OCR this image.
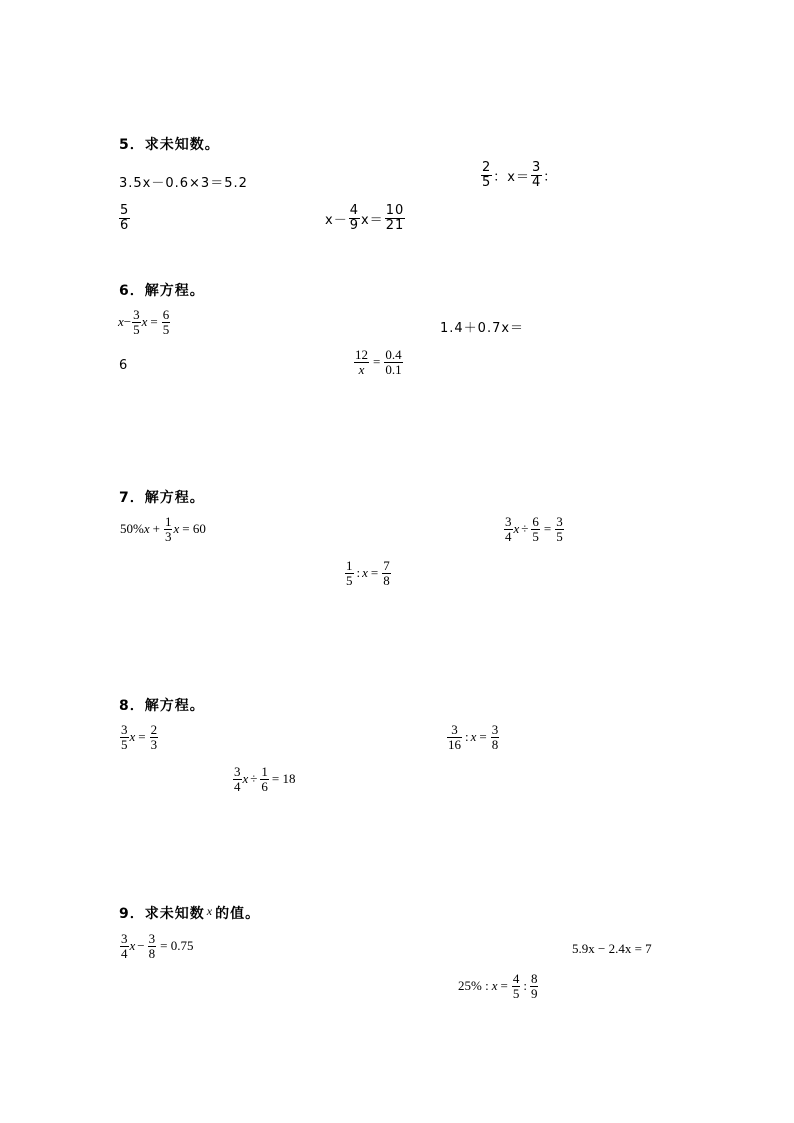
5．求未知数。
3.5x－0.6×3＝5.2	$\frac{2}{5}$ ：$x= \frac{3}{4}$ ：
$\frac{5}{6}$	$x- \frac{4}{9} x= \frac{10}{21}$
6．解方程。
$x - \frac{3}{5}$ $x = \frac{6}{5}$	1.4＋0.7x＝
6	$\frac{12}{x} = \frac{0.4}{0.1}$
7．解方程。
50% $x + \frac{1}{3}$ x = 60	$\frac{3}{4}$ $x \div \frac{6}{5} = \frac{3}{5}$
$\frac{1}{5}$ : $x = \frac{7}{8}$
8．解方程。
$\frac{3}{5}$ $x = \frac{2}{3}$	$\frac{3}{16}$ : $x = \frac{3}{8}$
$\frac{3}{4}$ $x \div \frac{1}{6} = 18$
9．求未知数 x 的值。
$\frac{3}{4}$ $x - \frac{3}{8} = 0.75$	5.9x − 2.4x = 7
25% : $x = \frac{4}{5}$ : $\frac{8}{9}$
